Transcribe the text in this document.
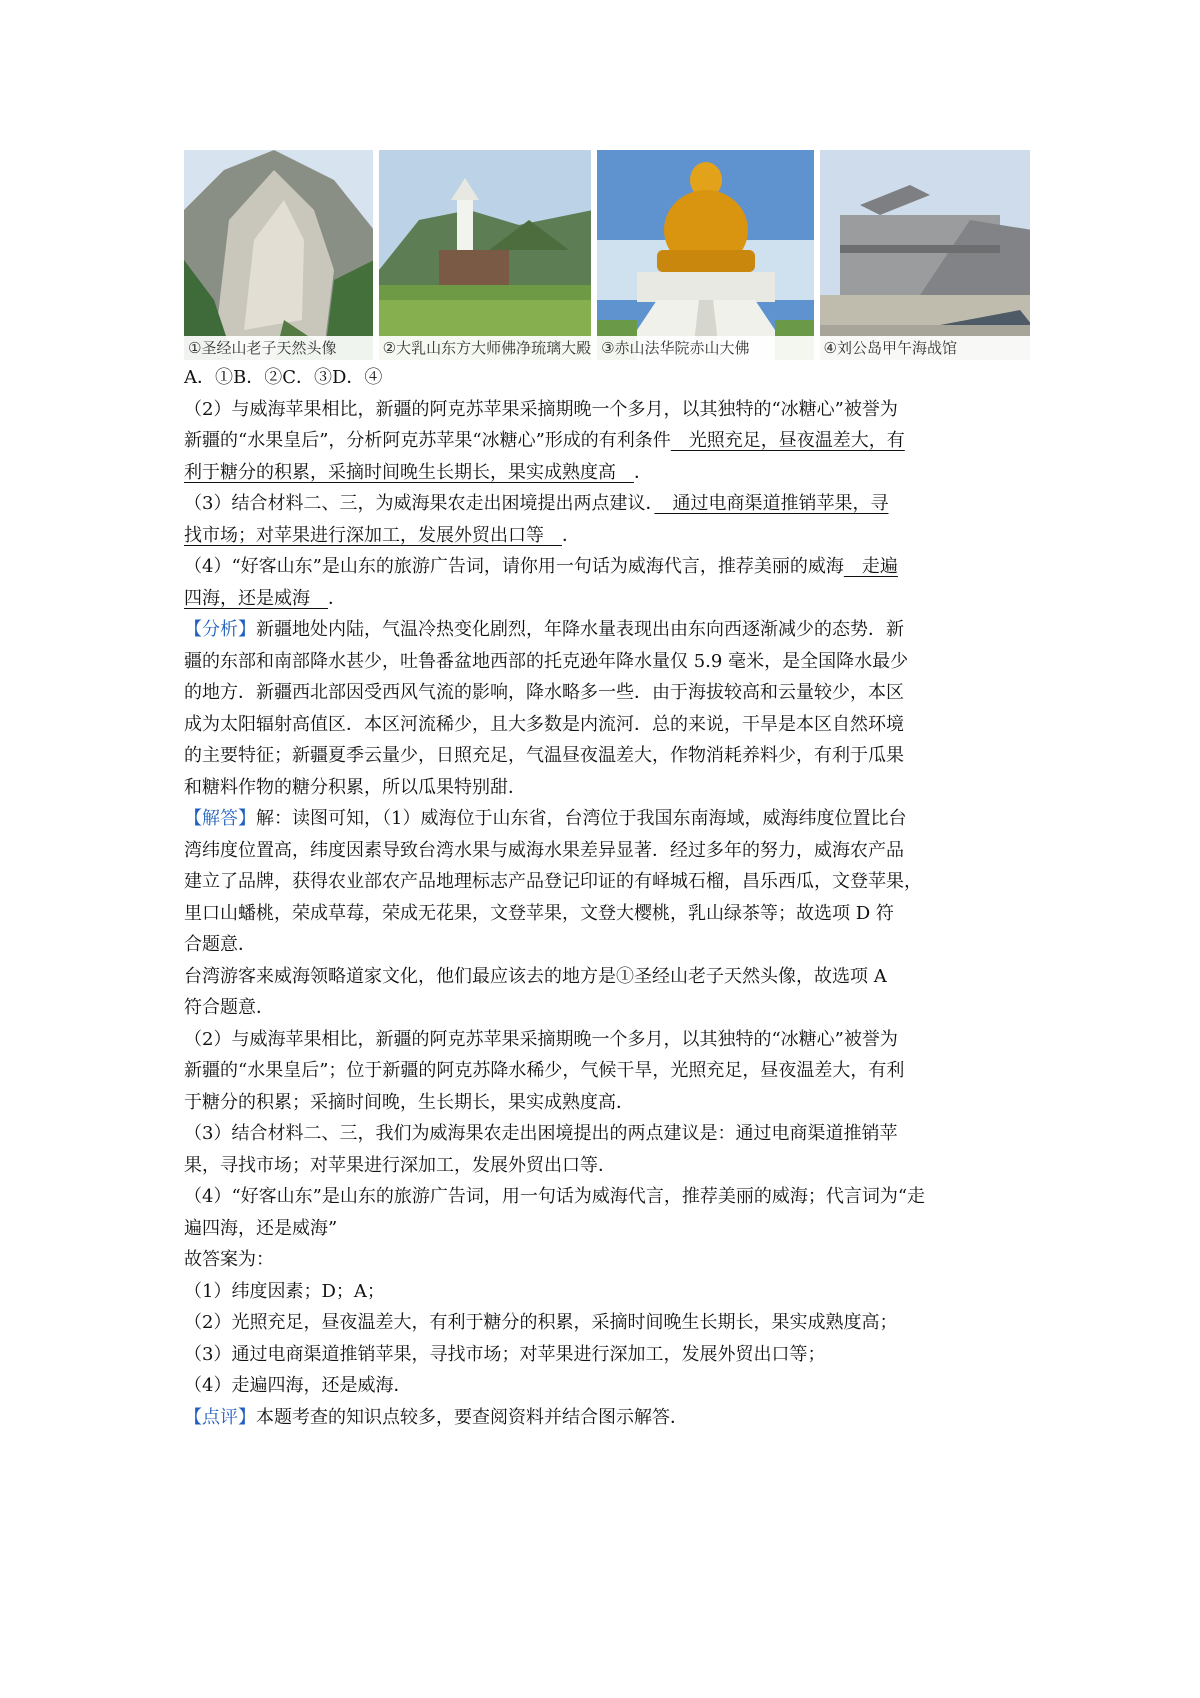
①圣经山老子天然头像	②大乳山东方大师佛净琉璃大殿 ③赤山法华院赤山大佛	④刘公岛甲午海战馆

A．①B．②C．③D．④

（2）与威海苹果相比，新疆的阿克苏苹果采摘期晚一个多月，以其独特的“冰糖心”被誉为

新疆的“水果皇后”，分析阿克苏苹果“冰糖心”形成的有利条件　光照充足，昼夜温差大，有

利于糖分的积累，采摘时间晚生长期长，果实成熟度高　．

（3）结合材料二、三，为威海果农走出困境提出两点建议．　通过电商渠道推销苹果，寻

找市场；对苹果进行深加工，发展外贸出口等　．

（4）“好客山东”是山东的旅游广告词，请你用一句话为威海代言，推荐美丽的威海　走遍

四海，还是威海　．

【分析】新疆地处内陆，气温冷热变化剧烈，年降水量表现出由东向西逐渐减少的态势．新

疆的东部和南部降水甚少，吐鲁番盆地西部的托克逊年降水量仅 5.9 毫米，是全国降水最少

的地方．新疆西北部因受西风气流的影响，降水略多一些．由于海拔较高和云量较少，本区

成为太阳辐射高值区．本区河流稀少，且大多数是内流河．总的来说，干旱是本区自然环境

的主要特征；新疆夏季云量少，日照充足，气温昼夜温差大，作物消耗养料少，有利于瓜果

和糖料作物的糖分积累，所以瓜果特别甜．

【解答】解：读图可知，（1）威海位于山东省，台湾位于我国东南海域，威海纬度位置比台

湾纬度位置高，纬度因素导致台湾水果与威海水果差异显著．经过多年的努力，威海农产品

建立了品牌，获得农业部农产品地理标志产品登记印证的有峄城石榴，昌乐西瓜，文登苹果，

里口山蟠桃，荣成草莓，荣成无花果，文登苹果，文登大樱桃，乳山绿茶等；故选项 D 符

合题意．

台湾游客来威海领略道家文化，他们最应该去的地方是①圣经山老子天然头像，故选项 A

符合题意．

（2）与威海苹果相比，新疆的阿克苏苹果采摘期晚一个多月，以其独特的“冰糖心”被誉为

新疆的“水果皇后”；位于新疆的阿克苏降水稀少，气候干旱，光照充足，昼夜温差大，有利

于糖分的积累；采摘时间晚，生长期长，果实成熟度高．

（3）结合材料二、三，我们为威海果农走出困境提出的两点建议是：通过电商渠道推销苹

果，寻找市场；对苹果进行深加工，发展外贸出口等．

（4）“好客山东”是山东的旅游广告词，用一句话为威海代言，推荐美丽的威海；代言词为“走

遍四海，还是威海”

故答案为：

（1）纬度因素；D；A；

（2）光照充足，昼夜温差大，有利于糖分的积累，采摘时间晚生长期长，果实成熟度高；

（3）通过电商渠道推销苹果，寻找市场；对苹果进行深加工，发展外贸出口等；

（4）走遍四海，还是威海．

【点评】本题考查的知识点较多，要查阅资料并结合图示解答．
